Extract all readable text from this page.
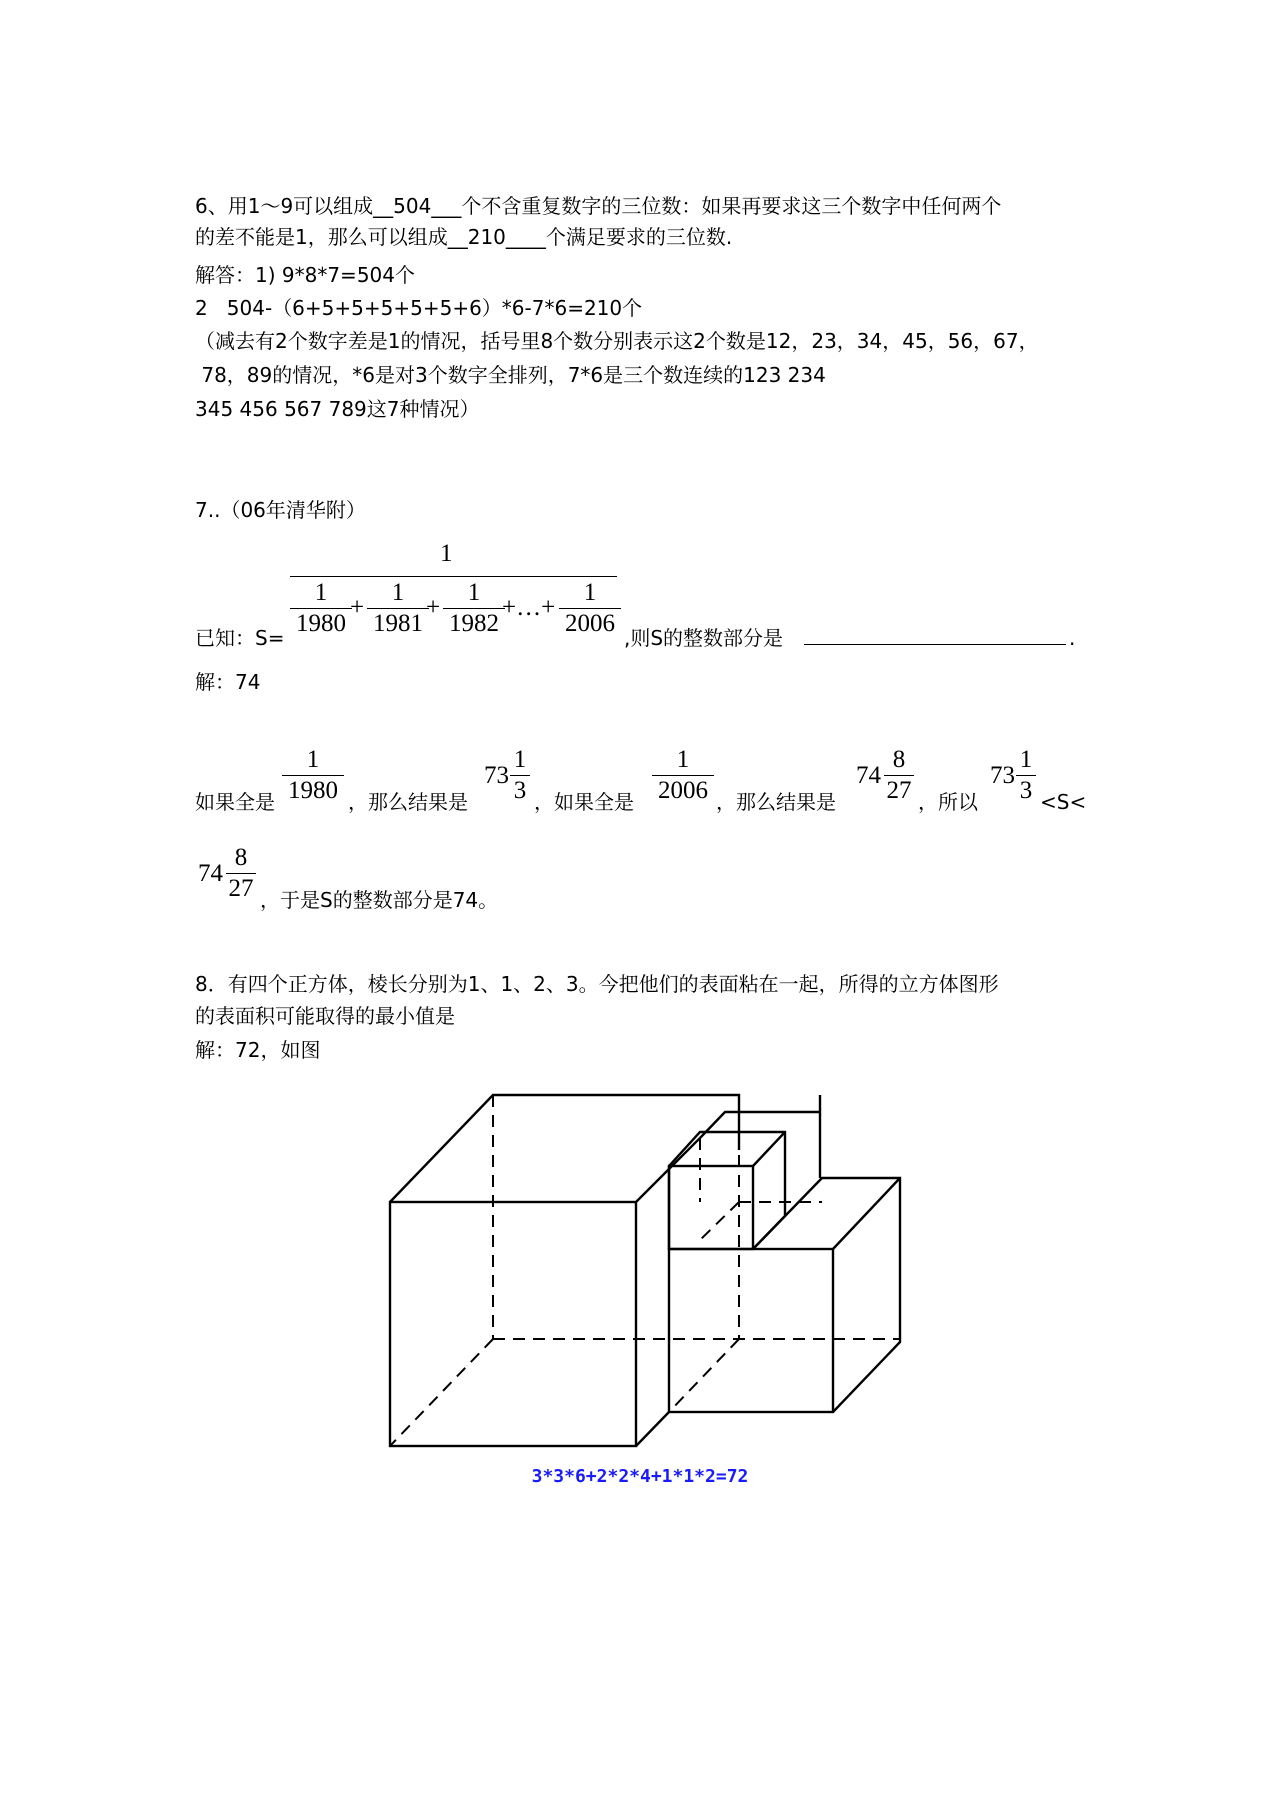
6、用1～9可以组成__504___个不含重复数字的三位数：如果再要求这三个数字中任何两个
的差不能是1，那么可以组成__210____个满足要求的三位数.
解答：1) 9*8*7=504个
2   504-（6+5+5+5+5+5+6）*6-7*6=210个
（减去有2个数字差是1的情况，括号里8个数分别表示这2个数是12，23，34，45，56，67，
78，89的情况，*6是对3个数字全排列，7*6是三个数连续的123 234
345 456 567 789这7种情况）
7..（06年清华附）
1
1
1980
+
1
1981
+
1
1982
+…+
1
2006
已知：S=	,则S的整数部分是	.
解：74
如果全是
1
1980 ，那么结果是
73
1
3 ，如果全是
1
2006 ，那么结果是
74
8
27 ，所以
73
1
3 <S<
74
8
27 ，于是S的整数部分是74。
8．有四个正方体，棱长分别为1、1、2、3。今把他们的表面粘在一起，所得的立方体图形
的表面积可能取得的最小值是
解：72，如图
3*3*6+2*2*4+1*1*2=72
